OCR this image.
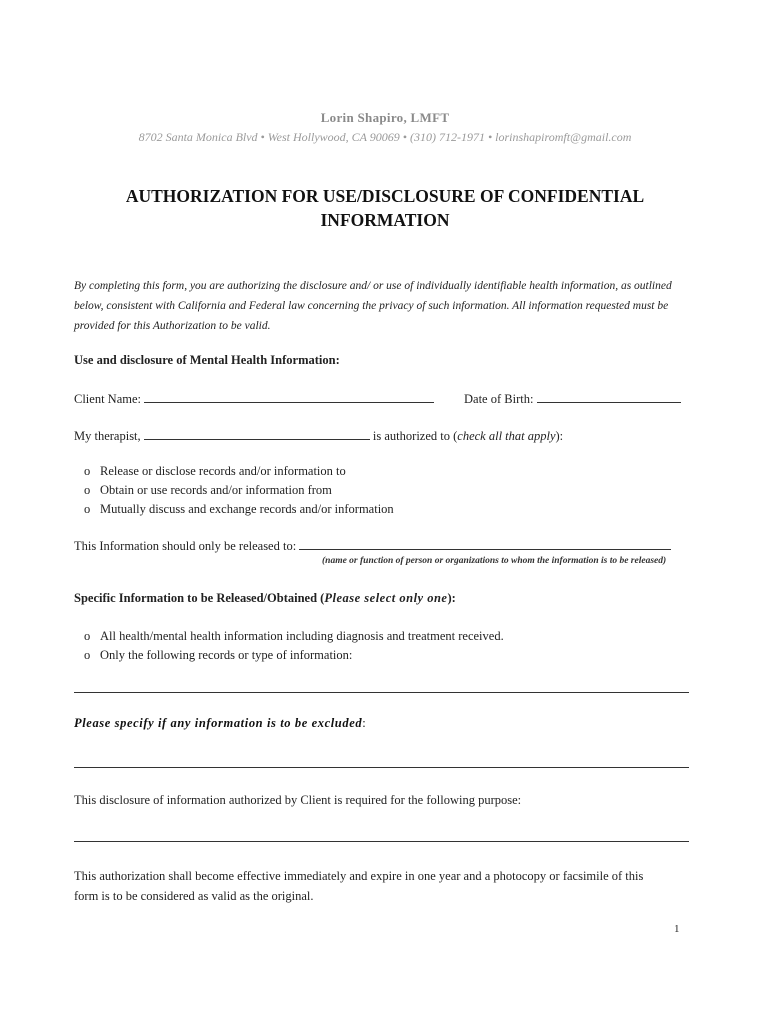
Lorin Shapiro, LMFT
8702 Santa Monica Blvd • West Hollywood, CA 90069 • (310) 712-1971 • lorinshapiromft@gmail.com
AUTHORIZATION FOR USE/DISCLOSURE OF CONFIDENTIAL
INFORMATION
By completing this form, you are authorizing the disclosure and/ or use of individually identifiable health information, as outlined below, consistent with California and Federal law concerning the privacy of such information. All information requested must be provided for this Authorization to be valid.
Use and disclosure of Mental Health Information:
Client Name:	Date of Birth:
My therapist,	is authorized to (check all that apply):
o Release or disclose records and/or information to
o Obtain or use records and/or information from
o Mutually discuss and exchange records and/or information
This Information should only be released to:
(name or function of person or organizations to whom the information is to be released)
Specific Information to be Released/Obtained (Please select only one):
o All health/mental health information including diagnosis and treatment received.
o Only the following records or type of information:
Please specify if any information is to be excluded:
This disclosure of information authorized by Client is required for the following purpose:
This authorization shall become effective immediately and expire in one year and a photocopy or facsimile of this
form is to be considered as valid as the original.
1
